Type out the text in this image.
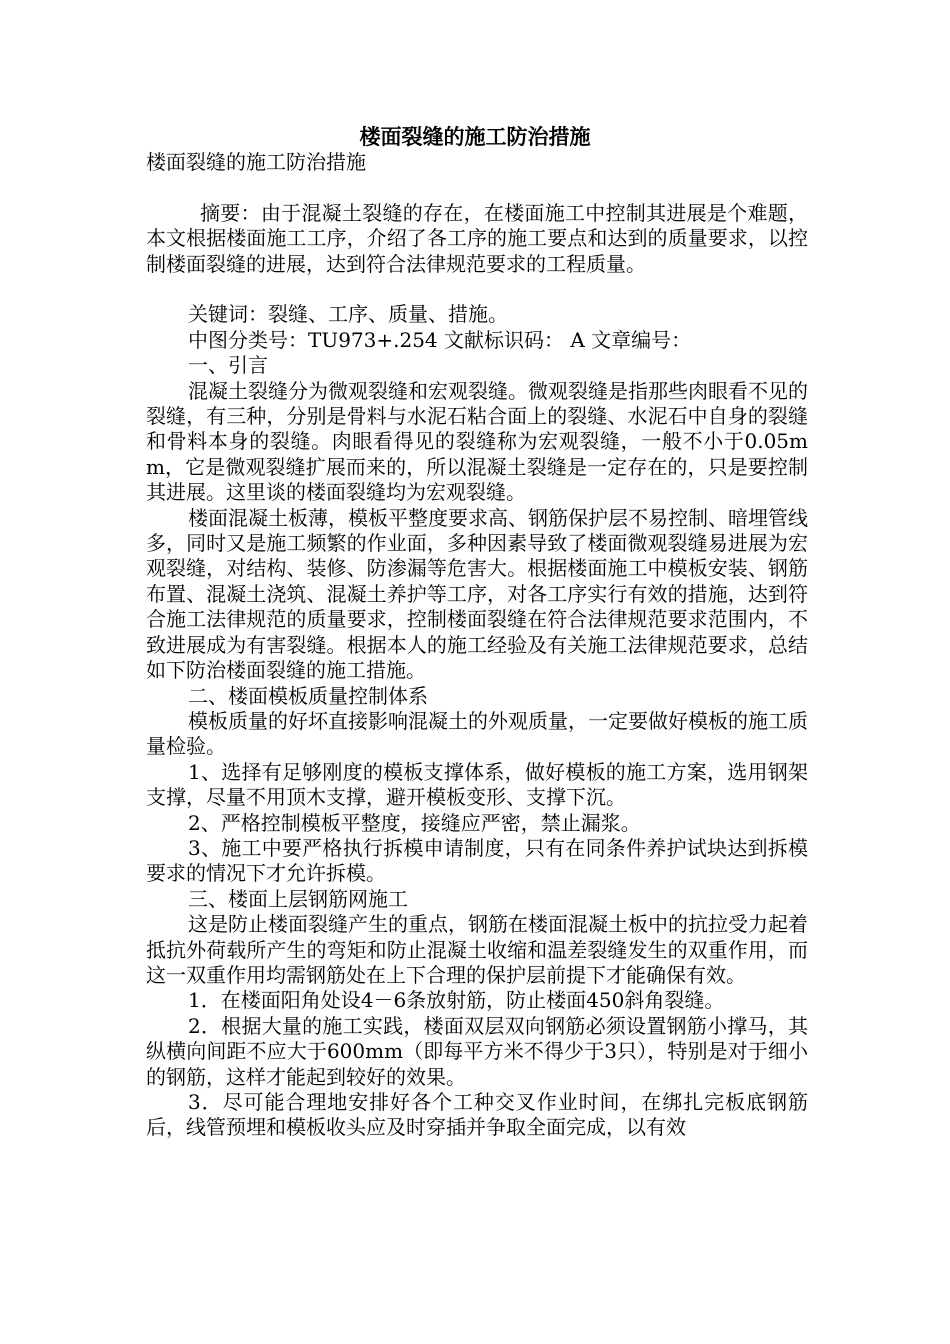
楼面裂缝的施工防治措施

楼面裂缝的施工防治措施

摘要：由于混凝土裂缝的存在，在楼面施工中控制其进展是个难题，本文根据楼面施工工序，介绍了各工序的施工要点和达到的质量要求，以控制楼面裂缝的进展，达到符合法律规范要求的工程质量。

关键词：裂缝、工序、质量、措施。

中图分类号：TU973+.254 文献标识码： A 文章编号：

一、引言

混凝土裂缝分为微观裂缝和宏观裂缝。微观裂缝是指那些肉眼看不见的裂缝，有三种，分别是骨料与水泥石粘合面上的裂缝、水泥石中自身的裂缝和骨料本身的裂缝。肉眼看得见的裂缝称为宏观裂缝，一般不小于0.05mm，它是微观裂缝扩展而来的，所以混凝土裂缝是一定存在的，只是要控制其进展。这里谈的楼面裂缝均为宏观裂缝。

楼面混凝土板薄，模板平整度要求高、钢筋保护层不易控制、暗埋管线多，同时又是施工频繁的作业面，多种因素导致了楼面微观裂缝易进展为宏观裂缝，对结构、装修、防渗漏等危害大。根据楼面施工中模板安装、钢筋布置、混凝土浇筑、混凝土养护等工序，对各工序实行有效的措施，达到符合施工法律规范的质量要求，控制楼面裂缝在符合法律规范要求范围内，不致进展成为有害裂缝。根据本人的施工经验及有关施工法律规范要求，总结如下防治楼面裂缝的施工措施。

二、楼面模板质量控制体系

模板质量的好坏直接影响混凝土的外观质量，一定要做好模板的施工质量检验。

1、选择有足够刚度的模板支撑体系，做好模板的施工方案，选用钢架支撑，尽量不用顶木支撑，避开模板变形、支撑下沉。

2、严格控制模板平整度，接缝应严密，禁止漏浆。

3、施工中要严格执行拆模申请制度，只有在同条件养护试块达到拆模要求的情况下才允许拆模。

三、楼面上层钢筋网施工

这是防止楼面裂缝产生的重点，钢筋在楼面混凝土板中的抗拉受力起着抵抗外荷载所产生的弯矩和防止混凝土收缩和温差裂缝发生的双重作用，而这一双重作用均需钢筋处在上下合理的保护层前提下才能确保有效。

1．在楼面阳角处设4－6条放射筋，防止楼面450斜角裂缝。

2．根据大量的施工实践，楼面双层双向钢筋必须设置钢筋小撑马，其纵横向间距不应大于600mm（即每平方米不得少于3只），特别是对于细小的钢筋，这样才能起到较好的效果。

3．尽可能合理地安排好各个工种交叉作业时间，在绑扎完板底钢筋后，线管预埋和模板收头应及时穿插并争取全面完成，以有效
